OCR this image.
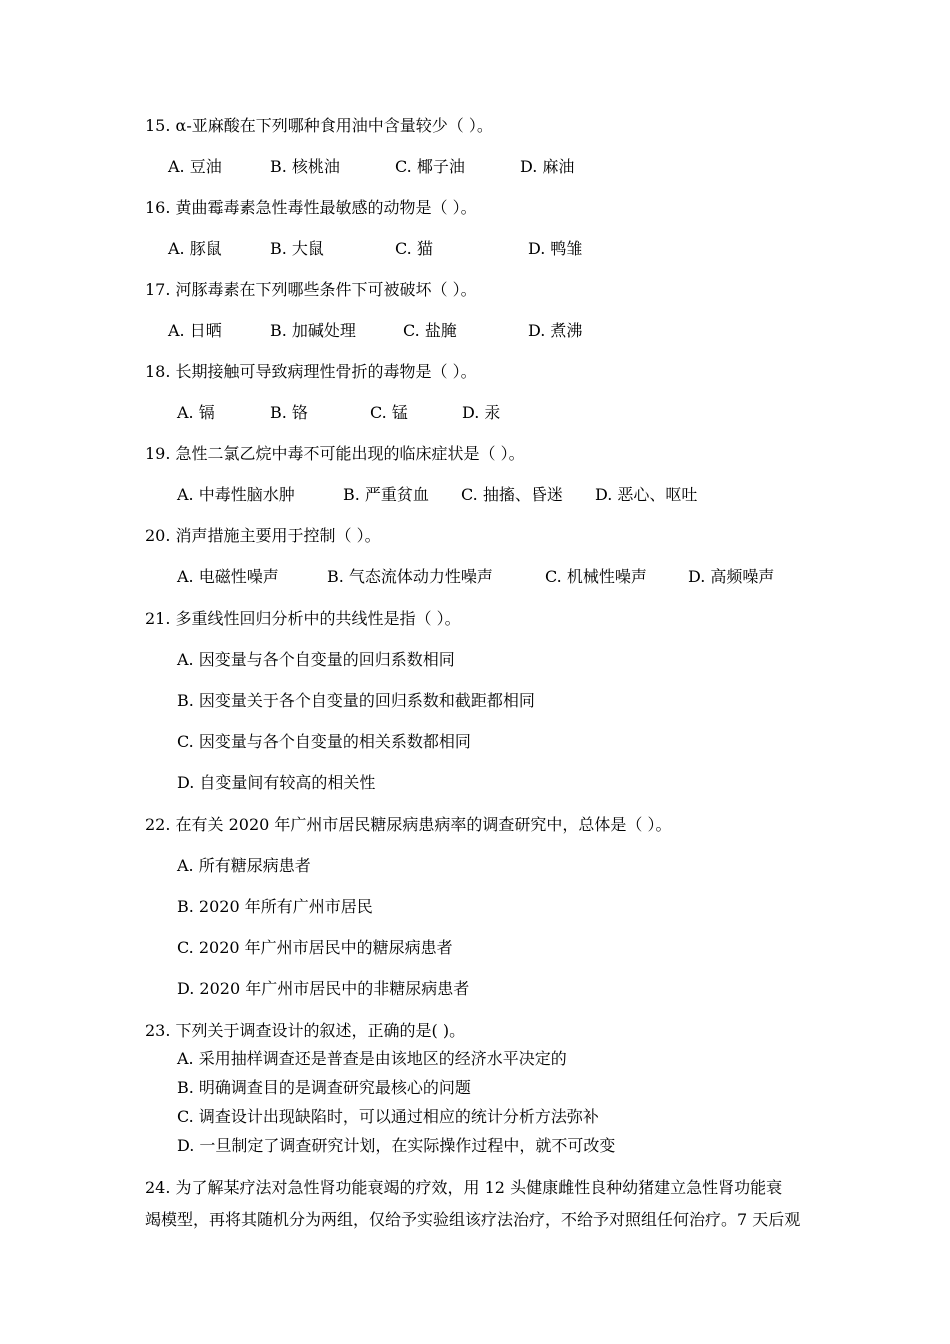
15. α-亚麻酸在下列哪种食用油中含量较少（ ）。
A. 豆油	B. 核桃油	C. 椰子油	D. 麻油
16. 黄曲霉毒素急性毒性最敏感的动物是（ ）。
A. 豚鼠	B. 大鼠	C. 猫	D. 鸭雏
17. 河豚毒素在下列哪些条件下可被破坏（ ）。
A. 日晒	B. 加碱处理	C. 盐腌	D. 煮沸
18. 长期接触可导致病理性骨折的毒物是（ ）。
A. 镉	B. 铬	C. 锰	D. 汞
19. 急性二氯乙烷中毒不可能出现的临床症状是（ ）。
A. 中毒性脑水肿	B. 严重贫血 C. 抽搐、昏迷 D. 恶心、呕吐
20. 消声措施主要用于控制（ ）。
A. 电磁性噪声	B. 气态流体动力性噪声	C. 机械性噪声	D. 高频噪声
21. 多重线性回归分析中的共线性是指（ ）。
A. 因变量与各个自变量的回归系数相同
B. 因变量关于各个自变量的回归系数和截距都相同
C. 因变量与各个自变量的相关系数都相同
D. 自变量间有较高的相关性
22. 在有关 2020 年广州市居民糖尿病患病率的调查研究中，总体是（ ）。
A. 所有糖尿病患者
B. 2020 年所有广州市居民
C. 2020 年广州市居民中的糖尿病患者
D. 2020 年广州市居民中的非糖尿病患者
23. 下列关于调查设计的叙述，正确的是( )。
A. 采用抽样调查还是普查是由该地区的经济水平决定的
B. 明确调查目的是调查研究最核心的问题
C. 调查设计出现缺陷时，可以通过相应的统计分析方法弥补
D. 一旦制定了调查研究计划，在实际操作过程中，就不可改变
24. 为了解某疗法对急性肾功能衰竭的疗效，用 12 头健康雌性良种幼猪建立急性肾功能衰
竭模型，再将其随机分为两组，仅给予实验组该疗法治疗，不给予对照组任何治疗。7 天后观
